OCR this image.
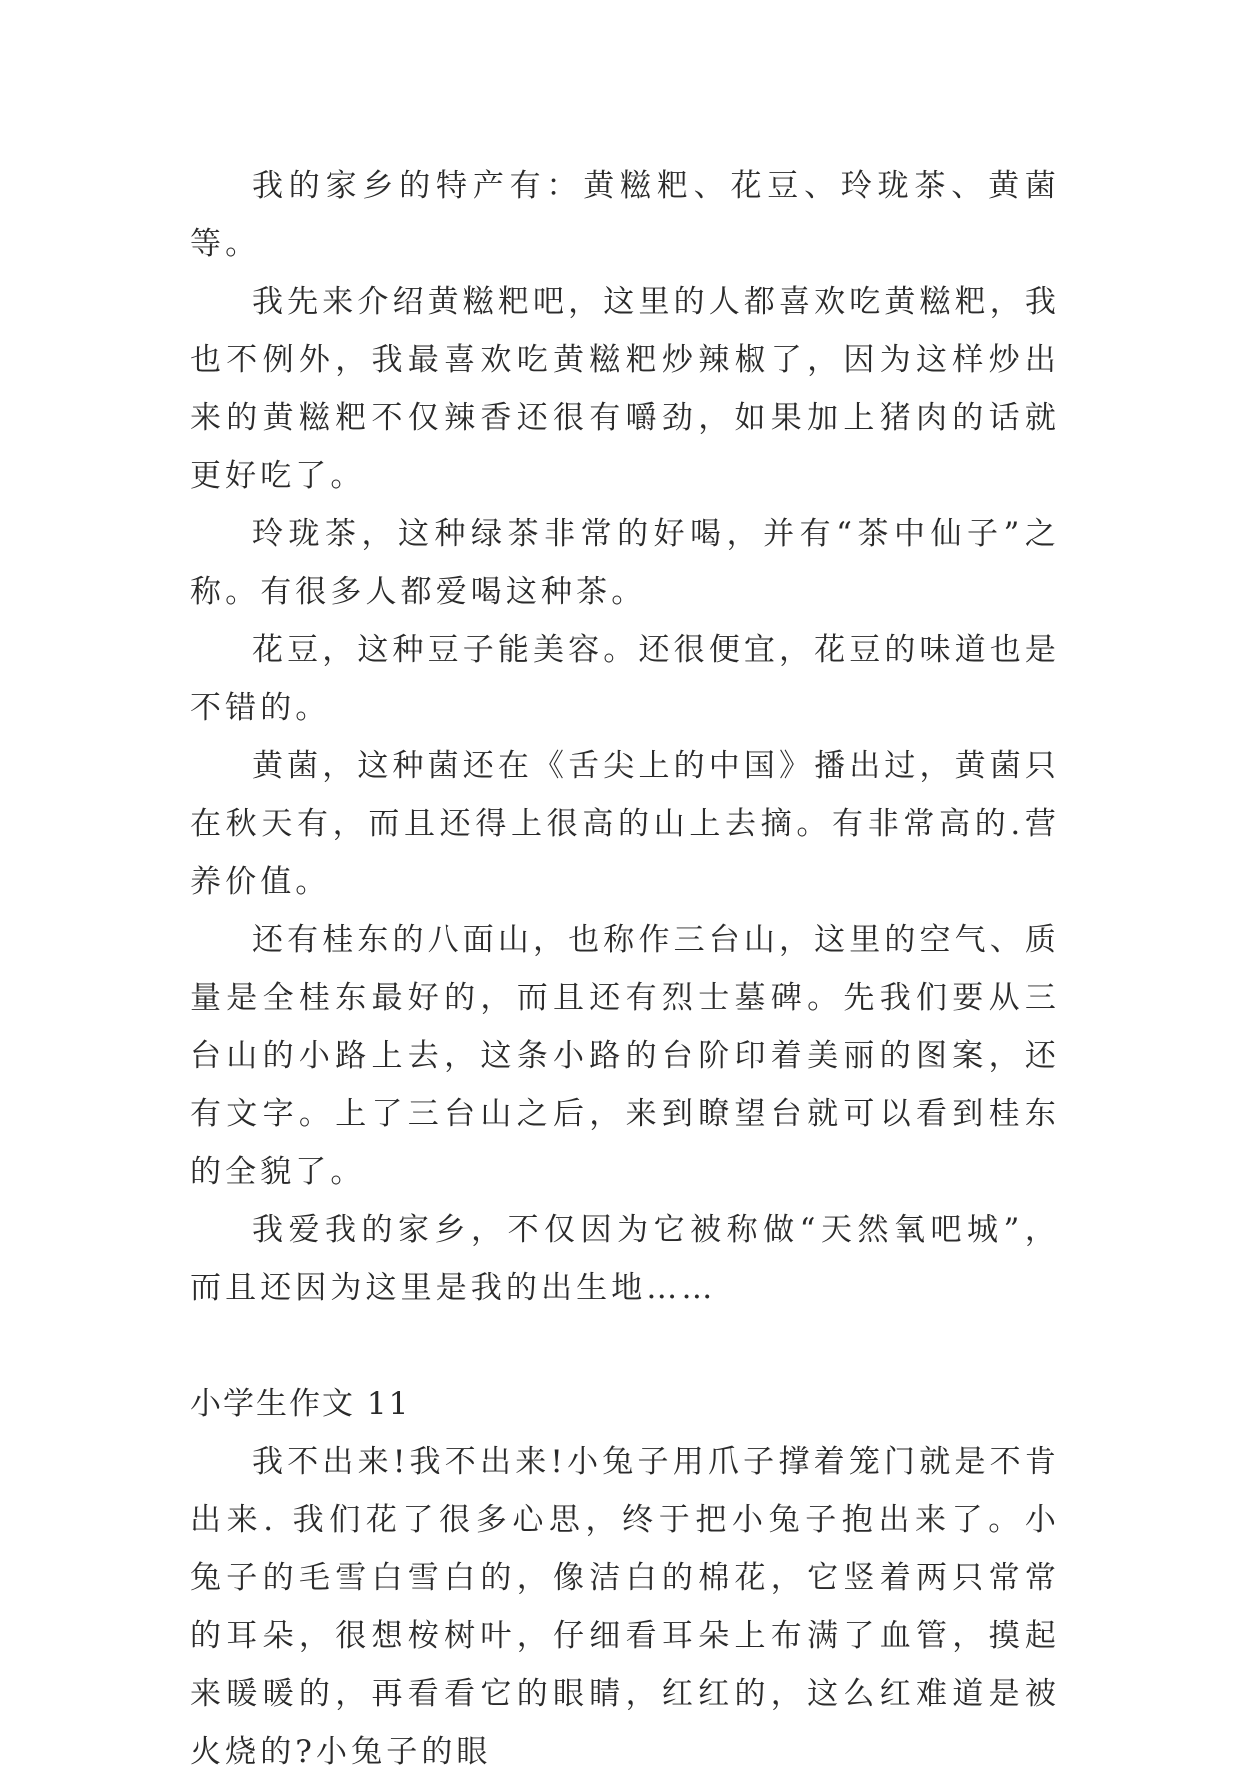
我的家乡的特产有：黄糍粑、花豆、玲珑茶、黄菌等。

我先来介绍黄糍粑吧，这里的人都喜欢吃黄糍粑，我也不例外，我最喜欢吃黄糍粑炒辣椒了，因为这样炒出来的黄糍粑不仅辣香还很有嚼劲，如果加上猪肉的话就更好吃了。

玲珑茶，这种绿茶非常的好喝，并有“茶中仙子”之称。有很多人都爱喝这种茶。

花豆，这种豆子能美容。还很便宜，花豆的味道也是不错的。

黄菌，这种菌还在《舌尖上的中国》播出过，黄菌只在秋天有，而且还得上很高的山上去摘。有非常高的.营养价值。

还有桂东的八面山，也称作三台山，这里的空气、质量是全桂东最好的，而且还有烈士墓碑。先我们要从三台山的小路上去，这条小路的台阶印着美丽的图案，还有文字。上了三台山之后，来到瞭望台就可以看到桂东的全貌了。

我爱我的家乡，不仅因为它被称做“天然氧吧城”，而且还因为这里是我的出生地……

小学生作文 11

我不出来!我不出来!小兔子用爪子撑着笼门就是不肯出来. 我们花了很多心思，终于把小兔子抱出来了。小兔子的毛雪白雪白的，像洁白的棉花，它竖着两只常常的耳朵，很想桉树叶，仔细看耳朵上布满了血管，摸起来暖暖的，再看看它的眼睛，红红的，这么红难道是被火烧的?小兔子的眼
